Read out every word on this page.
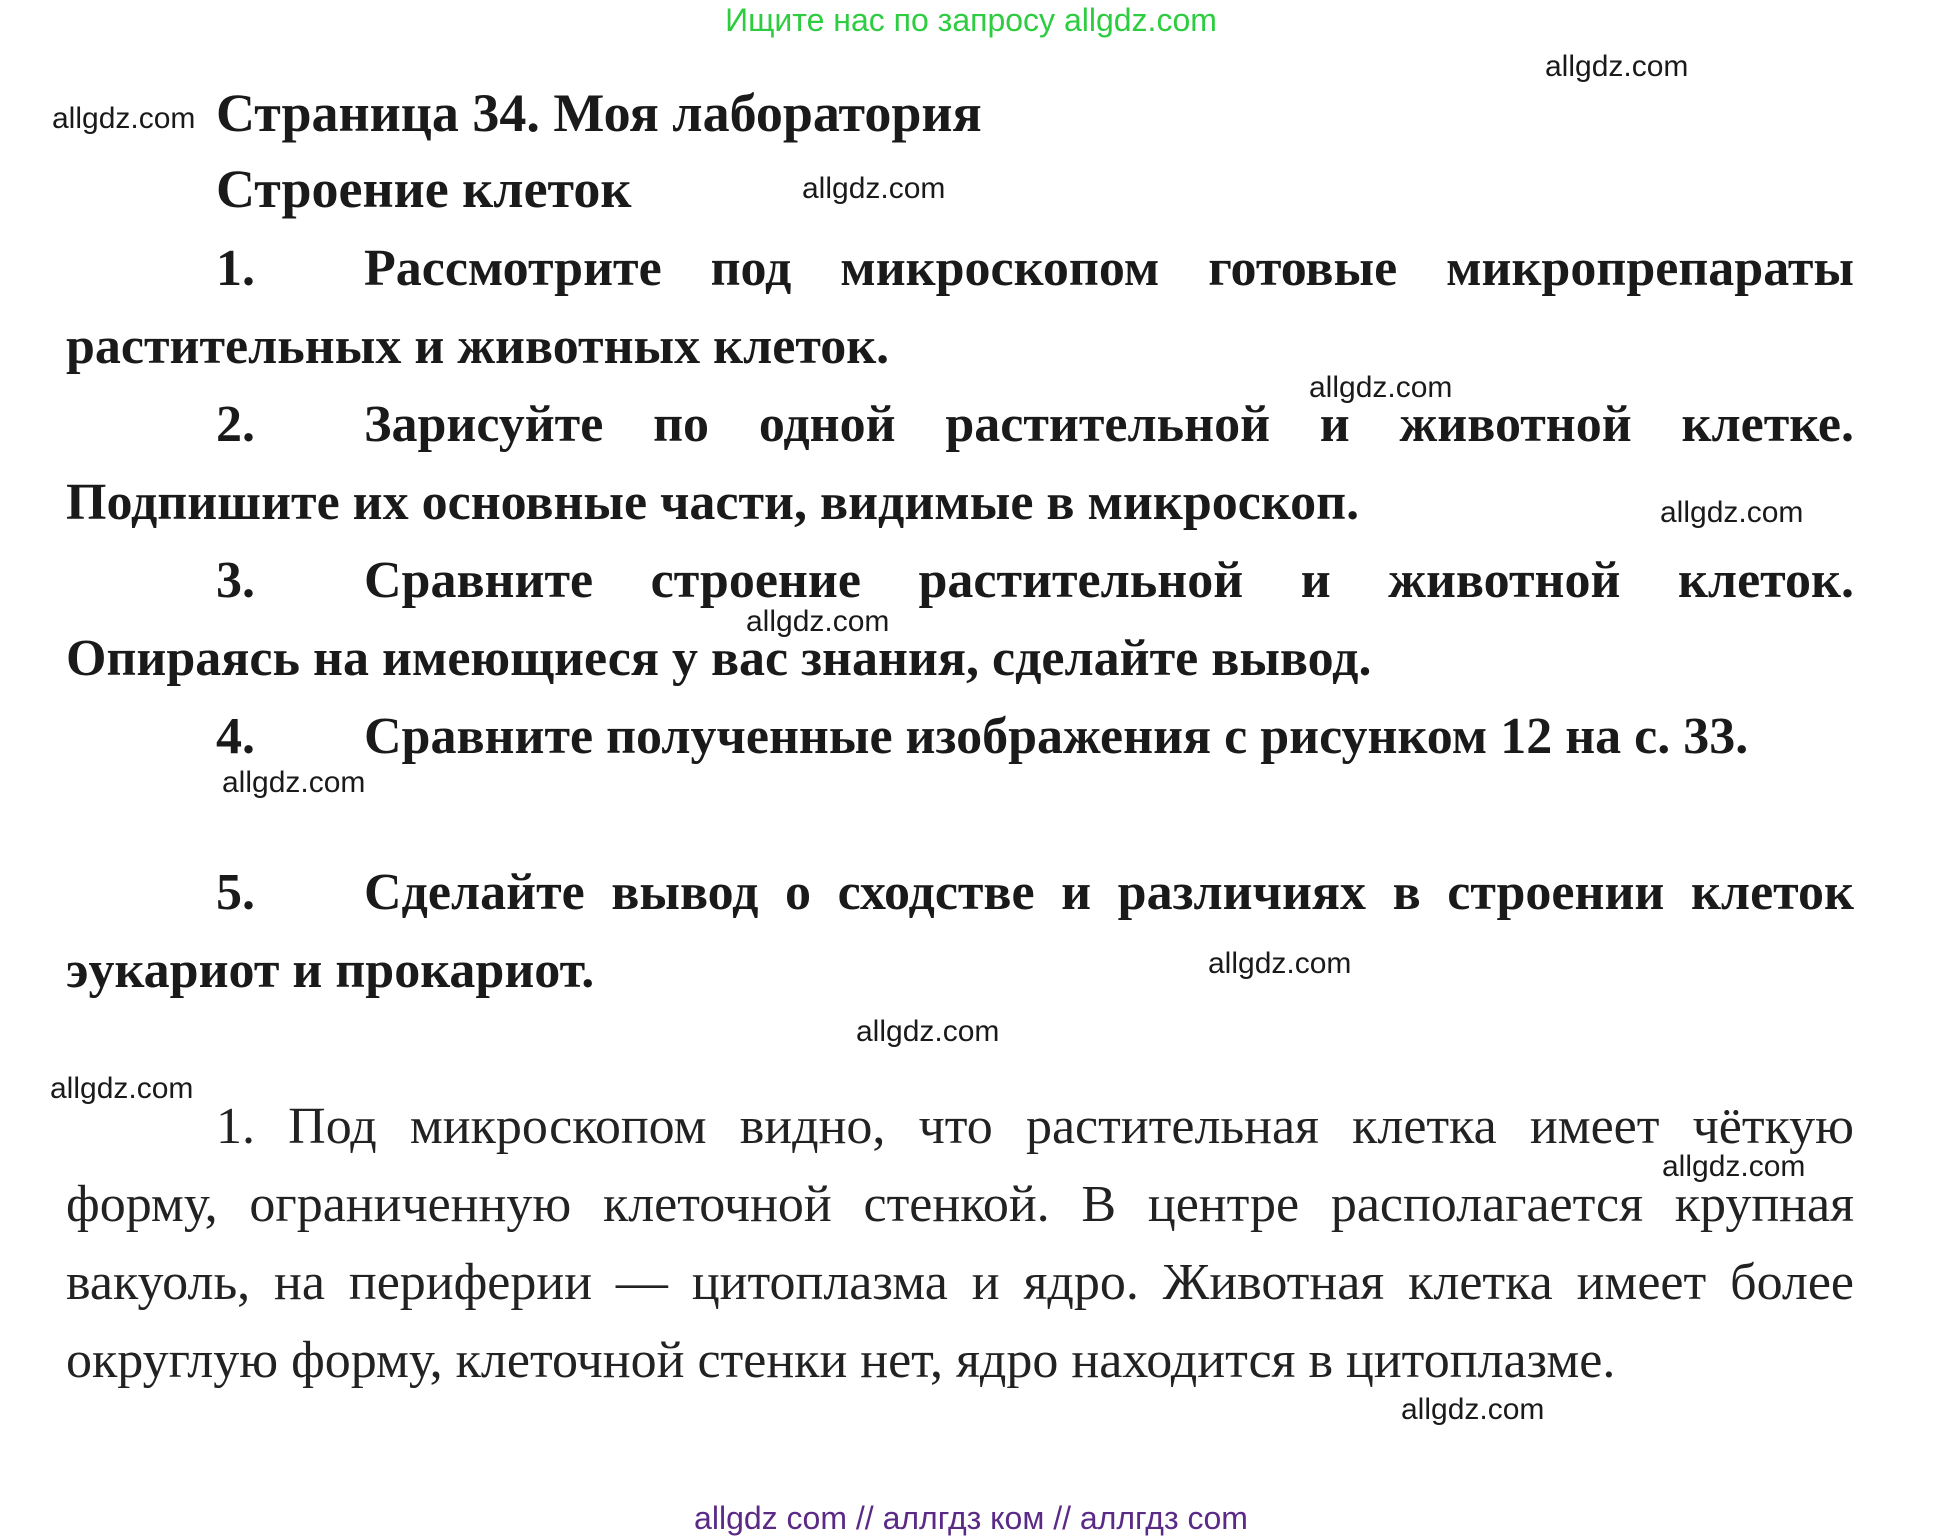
Ищите нас по запросу allgdz.com
allgdz.com
allgdz.com
allgdz.com
allgdz.com
allgdz.com
allgdz.com
allgdz.com
allgdz.com
allgdz.com
allgdz.com
allgdz.com
allgdz.com
Страница 34. Моя лаборатория
Строение клеток
1. Рассмотрите под микроскопом готовые микропрепараты растительных и животных клеток.
2. Зарисуйте по одной растительной и животной клетке. Подпишите их основные части, видимые в микроскоп.
3. Сравните строение растительной и животной клеток. Опираясь на имеющиеся у вас знания, сделайте вывод.
4. Сравните полученные изображения с рисунком 12 на с. 33.
5. Сделайте вывод о сходстве и различиях в строении клеток эукариот и прокариот.
1. Под микроскопом видно, что растительная клетка имеет чёткую форму, ограниченную клеточной стенкой. В центре располагается крупная вакуоль, на периферии — цитоплазма и ядро. Животная клетка имеет более округлую форму, клеточной стенки нет, ядро находится в цитоплазме.
allgdz com // аллгдз ком // аллгдз com
